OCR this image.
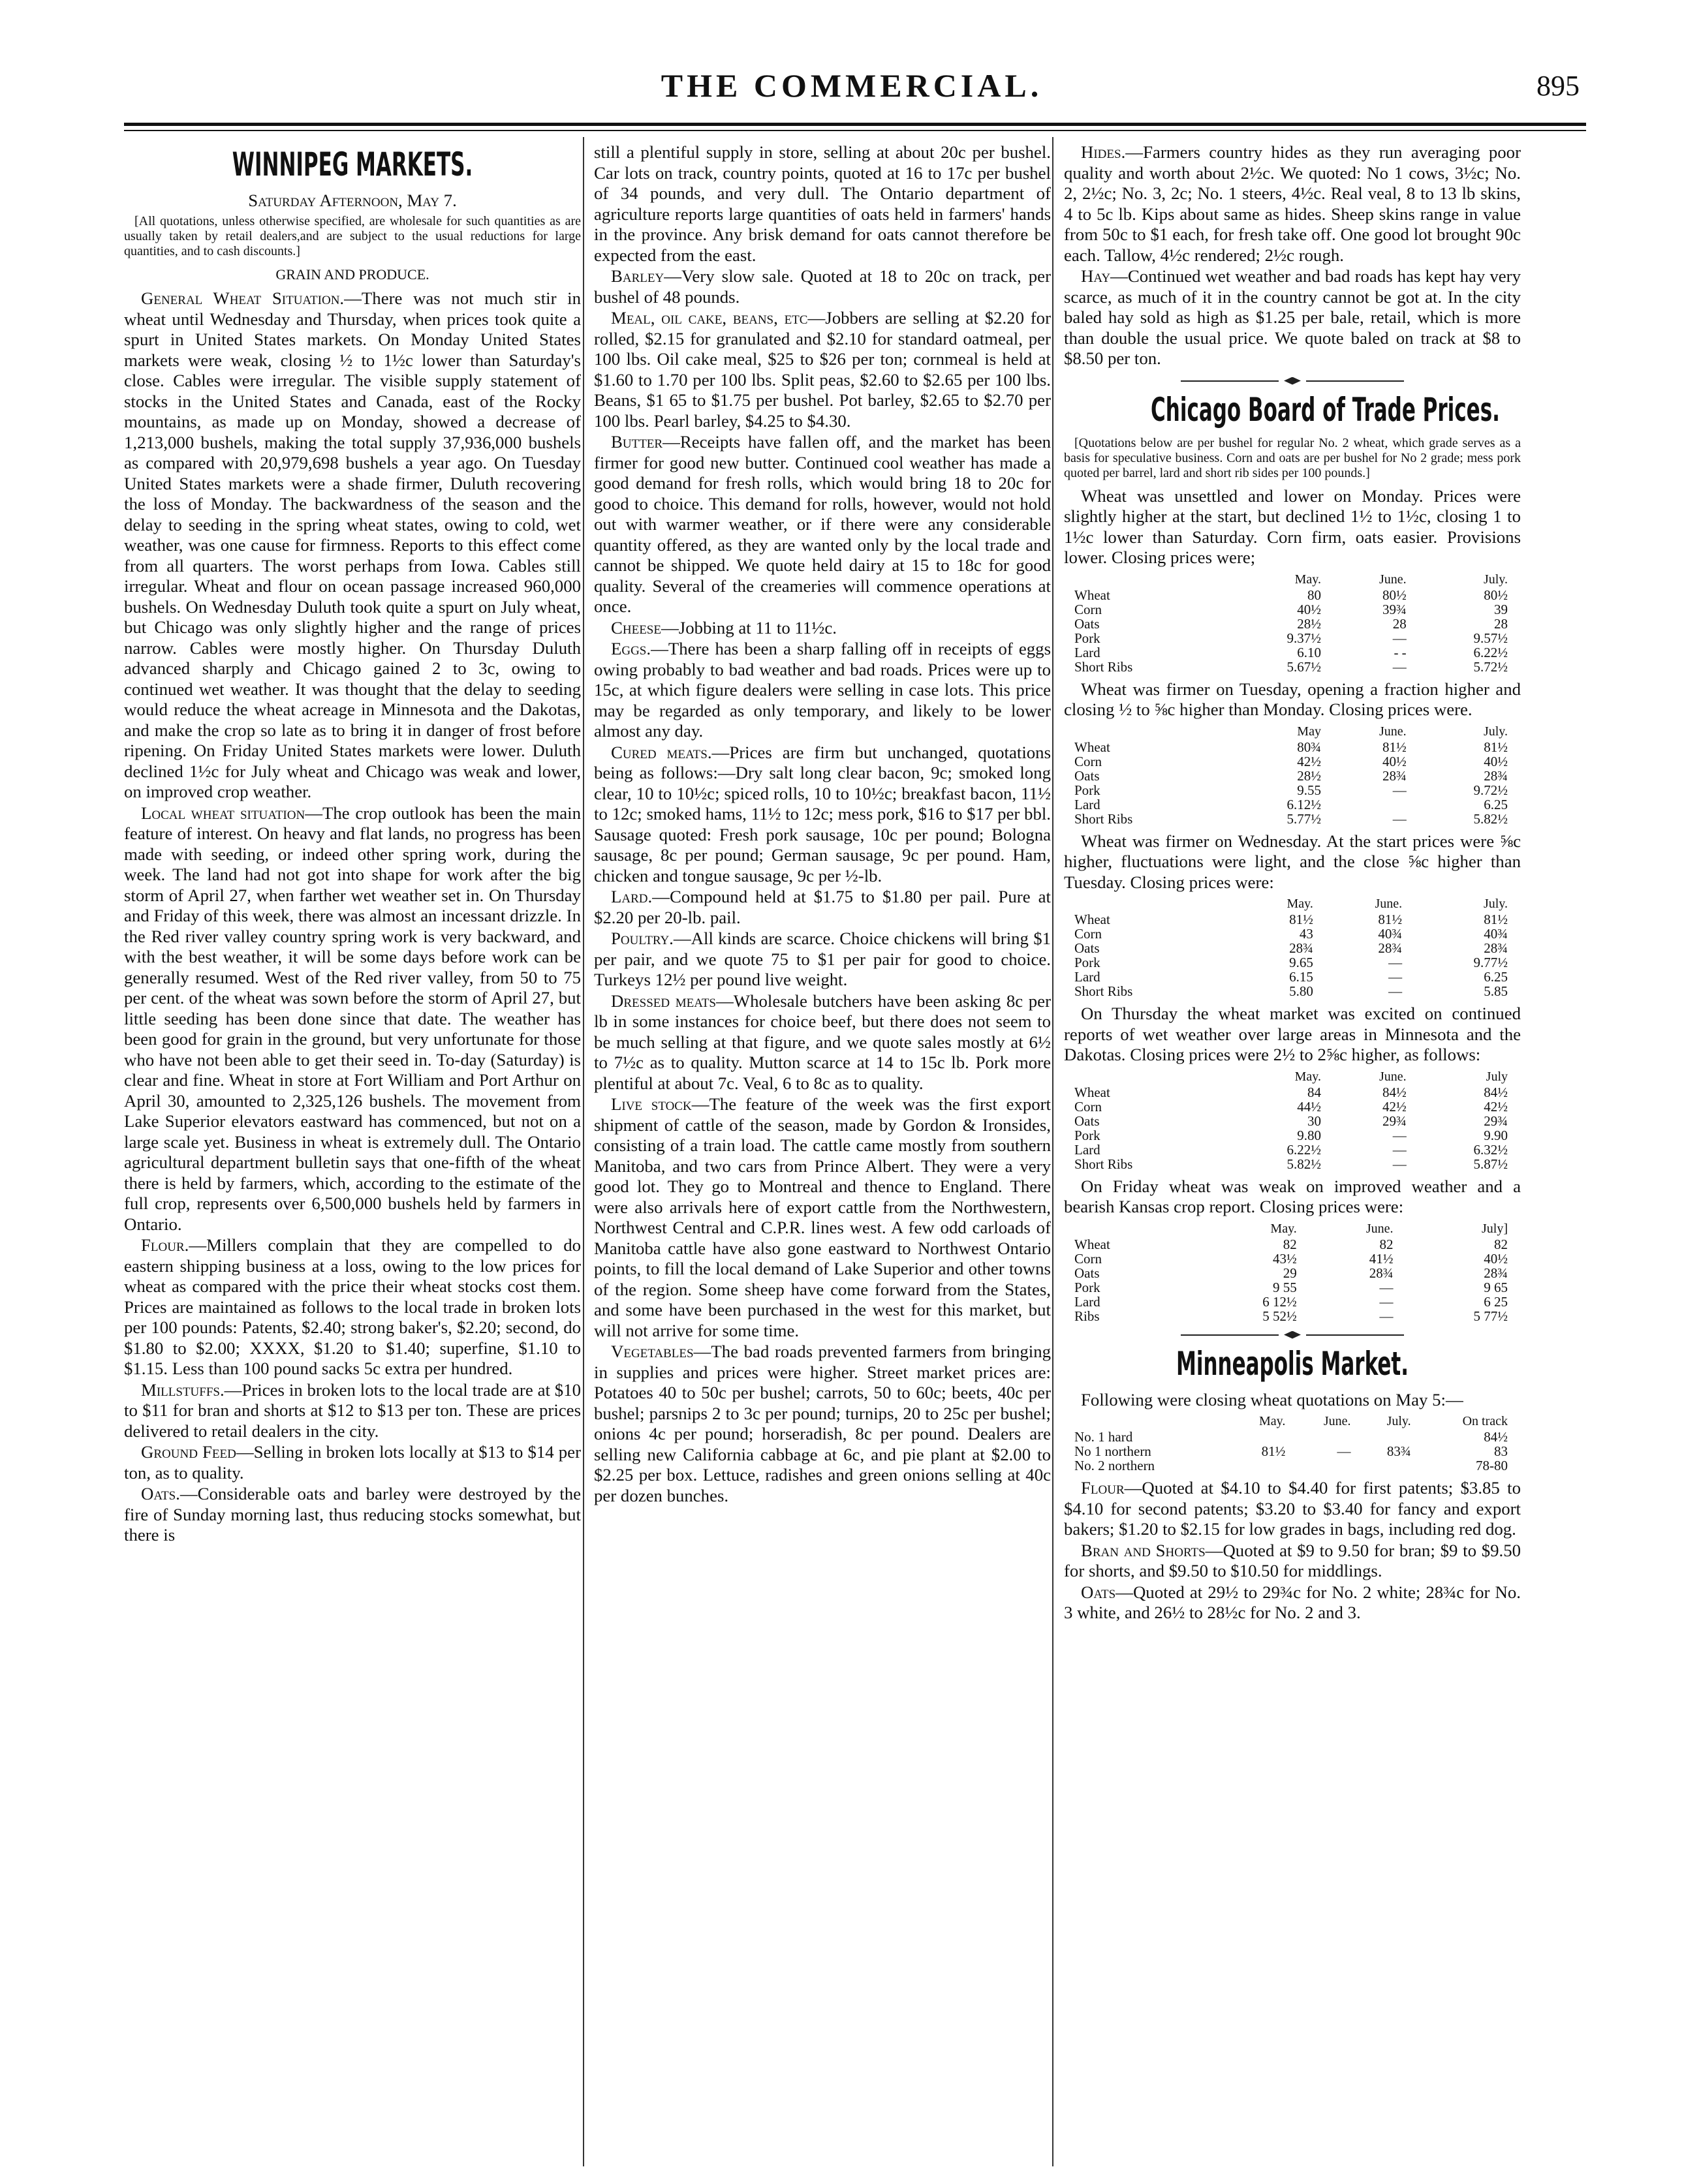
THE COMMERCIAL.	895
WINNIPEG MARKETS.

Saturday Afternoon, May 7.

[All quotations, unless otherwise specified, are wholesale for such quantities as are usually taken by retail dealers,and are subject to the usual reductions for large quantities, and to cash discounts.]

GRAIN AND PRODUCE.

General Wheat Situation.—There was not much stir in wheat until Wednesday and Thursday, when prices took quite a spurt in United States markets. On Monday United States markets were weak, closing ½ to 1½c lower than Saturday's close. Cables were irregular. The visible supply statement of stocks in the United States and Canada, east of the Rocky mountains, as made up on Monday, showed a decrease of 1,213,000 bushels, making the total supply 37,936,000 bushels as compared with 20,979,698 bushels a year ago. On Tuesday United States markets were a shade firmer, Duluth recovering the loss of Monday. The backwardness of the season and the delay to seeding in the spring wheat states, owing to cold, wet weather, was one cause for firmness. Reports to this effect come from all quarters. The worst perhaps from Iowa. Cables still irregular. Wheat and flour on ocean passage increased 960,000 bushels. On Wednesday Duluth took quite a spurt on July wheat, but Chicago was only slightly higher and the range of prices narrow. Cables were mostly higher. On Thursday Duluth advanced sharply and Chicago gained 2 to 3c, owing to continued wet weather. It was thought that the delay to seeding would reduce the wheat acreage in Minnesota and the Dakotas, and make the crop so late as to bring it in danger of frost before ripening. On Friday United States markets were lower. Duluth declined 1½c for July wheat and Chicago was weak and lower, on improved crop weather.

Local wheat situation—The crop outlook has been the main feature of interest. On heavy and flat lands, no progress has been made with seeding, or indeed other spring work, during the week. The land had not got into shape for work after the big storm of April 27, when farther wet weather set in. On Thursday and Friday of this week, there was almost an incessant drizzle. In the Red river valley country spring work is very backward, and with the best weather, it will be some days before work can be generally resumed. West of the Red river valley, from 50 to 75 per cent. of the wheat was sown before the storm of April 27, but little seeding has been done since that date. The weather has been good for grain in the ground, but very unfortunate for those who have not been able to get their seed in. To-day (Saturday) is clear and fine. Wheat in store at Fort William and Port Arthur on April 30, amounted to 2,325,126 bushels. The movement from Lake Superior elevators eastward has commenced, but not on a large scale yet. Business in wheat is extremely dull. The Ontario agricultural department bulletin says that one-fifth of the wheat there is held by farmers, which, according to the estimate of the full crop, represents over 6,500,000 bushels held by farmers in Ontario.

Flour.—Millers complain that they are compelled to do eastern shipping business at a loss, owing to the low prices for wheat as compared with the price their wheat stocks cost them. Prices are maintained as follows to the local trade in broken lots per 100 pounds: Patents, $2.40; strong baker's, $2.20; second, do $1.80 to $2.00; XXXX, $1.20 to $1.40; superfine, $1.10 to $1.15. Less than 100 pound sacks 5c extra per hundred.

Millstuffs.—Prices in broken lots to the local trade are at $10 to $11 for bran and shorts at $12 to $13 per ton. These are prices delivered to retail dealers in the city.

Ground Feed—Selling in broken lots locally at $13 to $14 per ton, as to quality.

Oats.—Considerable oats and barley were destroyed by the fire of Sunday morning last, thus reducing stocks somewhat, but there is

still a plentiful supply in store, selling at about 20c per bushel. Car lots on track, country points, quoted at 16 to 17c per bushel of 34 pounds, and very dull. The Ontario department of agriculture reports large quantities of oats held in farmers' hands in the province. Any brisk demand for oats cannot therefore be expected from the east.

Barley—Very slow sale. Quoted at 18 to 20c on track, per bushel of 48 pounds.

Meal, oil cake, beans, etc—Jobbers are selling at $2.20 for rolled, $2.15 for granulated and $2.10 for standard oatmeal, per 100 lbs. Oil cake meal, $25 to $26 per ton; cornmeal is held at $1.60 to 1.70 per 100 lbs. Split peas, $2.60 to $2.65 per 100 lbs. Beans, $1 65 to $1.75 per bushel. Pot barley, $2.65 to $2.70 per 100 lbs. Pearl barley, $4.25 to $4.30.

Butter—Receipts have fallen off, and the market has been firmer for good new butter. Continued cool weather has made a good demand for fresh rolls, which would bring 18 to 20c for good to choice. This demand for rolls, however, would not hold out with warmer weather, or if there were any considerable quantity offered, as they are wanted only by the local trade and cannot be shipped. We quote held dairy at 15 to 18c for good quality. Several of the creameries will commence operations at once.

Cheese—Jobbing at 11 to 11½c.

Eggs.—There has been a sharp falling off in receipts of eggs owing probably to bad weather and bad roads. Prices were up to 15c, at which figure dealers were selling in case lots. This price may be regarded as only temporary, and likely to be lower almost any day.

Cured meats.—Prices are firm but unchanged, quotations being as follows:—Dry salt long clear bacon, 9c; smoked long clear, 10 to 10½c; spiced rolls, 10 to 10½c; breakfast bacon, 11½ to 12c; smoked hams, 11½ to 12c; mess pork, $16 to $17 per bbl. Sausage quoted: Fresh pork sausage, 10c per pound; Bologna sausage, 8c per pound; German sausage, 9c per pound. Ham, chicken and tongue sausage, 9c per ½-lb.

Lard.—Compound held at $1.75 to $1.80 per pail. Pure at $2.20 per 20-lb. pail.

Poultry.—All kinds are scarce. Choice chickens will bring $1 per pair, and we quote 75 to $1 per pair for good to choice. Turkeys 12½ per pound live weight.

Dressed meats—Wholesale butchers have been asking 8c per lb in some instances for choice beef, but there does not seem to be much selling at that figure, and we quote sales mostly at 6½ to 7½c as to quality. Mutton scarce at 14 to 15c lb. Pork more plentiful at about 7c. Veal, 6 to 8c as to quality.

Live stock—The feature of the week was the first export shipment of cattle of the season, made by Gordon & Ironsides, consisting of a train load. The cattle came mostly from southern Manitoba, and two cars from Prince Albert. They were a very good lot. They go to Montreal and thence to England. There were also arrivals here of export cattle from the Northwestern, Northwest Central and C.P.R. lines west. A few odd carloads of Manitoba cattle have also gone eastward to Northwest Ontario points, to fill the local demand of Lake Superior and other towns of the region. Some sheep have come forward from the States, and some have been purchased in the west for this market, but will not arrive for some time.

Vegetables—The bad roads prevented farmers from bringing in supplies and prices were higher. Street market prices are: Potatoes 40 to 50c per bushel; carrots, 50 to 60c; beets, 40c per bushel; parsnips 2 to 3c per pound; turnips, 20 to 25c per bushel; onions 4c per pound; horseradish, 8c per pound. Dealers are selling new California cabbage at 6c, and pie plant at $2.00 to $2.25 per box. Lettuce, radishes and green onions selling at 40c per dozen bunches.

Hides.—Farmers country hides as they run averaging poor quality and worth about 2½c. We quoted: No 1 cows, 3½c; No. 2, 2½c; No. 3, 2c; No. 1 steers, 4½c. Real veal, 8 to 13 lb skins, 4 to 5c lb. Kips about same as hides. Sheep skins range in value from 50c to $1 each, for fresh take off. One good lot brought 90c each. Tallow, 4½c rendered; 2½c rough.

Hay—Continued wet weather and bad roads has kept hay very scarce, as much of it in the country cannot be got at. In the city baled hay sold as high as $1.25 per bale, retail, which is more than double the usual price. We quote baled on track at $8 to $8.50 per ton.

Chicago Board of Trade Prices.

[Quotations below are per bushel for regular No. 2 wheat, which grade serves as a basis for speculative business. Corn and oats are per bushel for No 2 grade; mess pork quoted per barrel, lard and short rib sides per 100 pounds.]

Wheat was unsettled and lower on Monday. Prices were slightly higher at the start, but declined 1½ to 1½c, closing 1 to 1½c lower than Saturday. Corn firm, oats easier. Provisions lower. Closing prices were;

	May.	June.	July.
Wheat	80	80½	80½
Corn	40½	39¾	39
Oats	28½	28	28
Pork	9.37½	—	9.57½
Lard	6.10	- -	6.22½
Short Ribs	5.67½	—	5.72½

Wheat was firmer on Tuesday, opening a fraction higher and closing ½ to ⅝c higher than Monday. Closing prices were.

	May	June.	July.
Wheat	80¾	81½	81½
Corn	42½	40½	40½
Oats	28½	28¾	28¾
Pork	9.55	—	9.72½
Lard	6.12½		6.25
Short Ribs	5.77½	—	5.82½

Wheat was firmer on Wednesday. At the start prices were ⅝c higher, fluctuations were light, and the close ⅝c higher than Tuesday. Closing prices were:

	May.	June.	July.
Wheat	81½	81½	81½
Corn	43	40¾	40¾
Oats	28¾	28¾	28¾
Pork	9.65	—	9.77½
Lard	6.15	—	6.25
Short Ribs	5.80	—	5.85

On Thursday the wheat market was excited on continued reports of wet weather over large areas in Minnesota and the Dakotas. Closing prices were 2½ to 2⅝c higher, as follows:

	May.	June.	July
Wheat	84	84½	84½
Corn	44½	42½	42½
Oats	30	29¾	29¾
Pork	9.80	—	9.90
Lard	6.22½	—	6.32½
Short Ribs	5.82½	—	5.87½

On Friday wheat was weak on improved weather and a bearish Kansas crop report. Closing prices were:

	May.	June.	July]
Wheat	82	82	82
Corn	43½	41½	40½
Oats	29	28¾	28¾
Pork	9 55	—	9 65
Lard	6 12½	—	6 25
Ribs	5 52½	—	5 77½
Minneapolis Market.

Following were closing wheat quotations on May 5:—

	May.	June.	July.	On track
No. 1 hard				84½
No 1 northern	81½	—	83¾	83
No. 2 northern				78-80

Flour—Quoted at $4.10 to $4.40 for first patents; $3.85 to $4.10 for second patents; $3.20 to $3.40 for fancy and export bakers; $1.20 to $2.15 for low grades in bags, including red dog.

Bran and Shorts—Quoted at $9 to 9.50 for bran; $9 to $9.50 for shorts, and $9.50 to $10.50 for middlings.

Oats—Quoted at 29½ to 29¾c for No. 2 white; 28¾c for No. 3 white, and 26½ to 28½c for No. 2 and 3.
